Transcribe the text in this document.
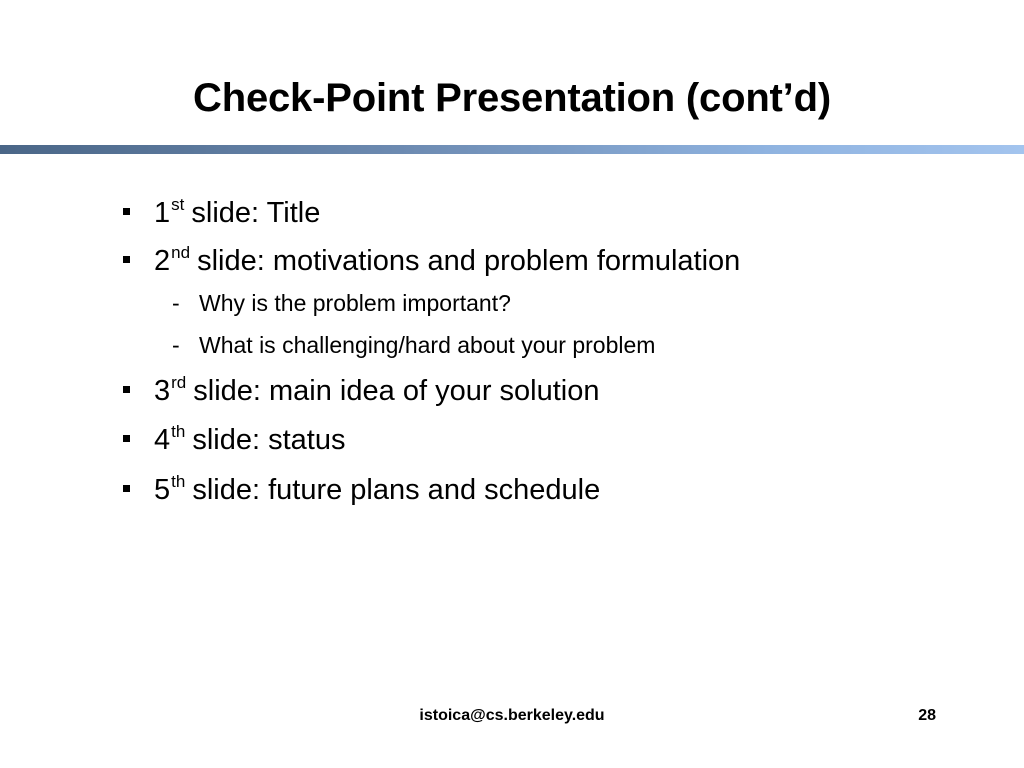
Check-Point Presentation (cont’d)
1st slide: Title
2nd slide: motivations and problem formulation
- Why is the problem important?
- What is challenging/hard about your problem
3rd slide: main idea of your solution
4th slide: status
5th slide: future plans and schedule
istoica@cs.berkeley.edu	28
